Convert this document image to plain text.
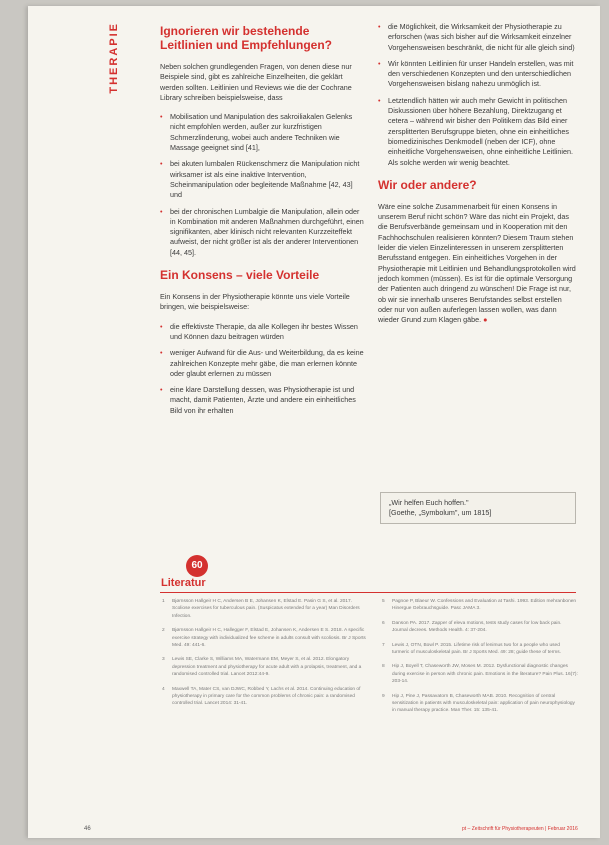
THERAPIE	Ignorieren wir bestehende Leitlinien und Empfehlungen?

Neben solchen grundlegenden Fragen, von denen diese nur Beispiele sind, gibt es zahlreiche Einzelheiten, die geklärt werden sollten. Leitlinien und Reviews wie die der Cochrane Library schreiben beispielsweise, dass

• Mobilisation und Manipulation des sakroiliakalen Gelenks nicht empfohlen werden, außer zur kurzfristigen Schmerzlinderung, wobei auch andere Techniken wie Massage geeignet sind [41],
• bei akuten lumbalen Rückenschmerz die Manipulation nicht wirksamer ist als eine inaktive Intervention, Scheinmanipulation oder begleitende Maßnahme [42, 43] und
• bei der chronischen Lumbalgie die Manipulation, allein oder in Kombination mit anderen Maßnahmen durchgeführt, einen signifikanten, aber klinisch nicht relevanten Kurzzeiteffekt aufweist, der nicht größer ist als der anderer Interventionen [44, 45].
Ein Konsens – viele Vorteile

Ein Konsens in der Physiotherapie könnte uns viele Vorteile bringen, wie beispielsweise:

• die effektivste Therapie, da alle Kollegen ihr bestes Wissen und Können dazu beitragen würden
• weniger Aufwand für die Aus- und Weiterbildung, da es keine zahlreichen Konzepte mehr gäbe, die man erlernen könnte oder glaubt erlernen zu müssen
• eine klare Darstellung dessen, was Physiotherapie ist und macht, damit Patienten, Ärzte und andere ein einheitliches Bild von ihr erhalten
• die Möglichkeit, die Wirksamkeit der Physiotherapie zu erforschen (was sich bisher auf die Wirksamkeit einzelner Vorgehensweisen beschränkt, die nicht für alle gleich sind)
• Wir könnten Leitlinien für unser Handeln erstellen, was mit den verschiedenen Konzepten und den unterschiedlichen Vorgehensweisen bislang nahezu unmöglich ist.
• Letztendlich hätten wir auch mehr Gewicht in politischen Diskussionen über höhere Bezahlung, Direktzugang et cetera – während wir bisher den Politikern das Bild einer zersplitterten Berufsgruppe bieten, ohne ein einheitliches biomedizinisches Denkmodell (neben der ICF), ohne einheitliche Vorgehensweisen, ohne einheitliche Leitlinien. Als solche werden wir wenig beachtet.
Wir oder andere?

Wäre eine solche Zusammenarbeit für einen Konsens in unserem Beruf nicht schön? Wäre das nicht ein Projekt, das die Berufsverbände gemeinsam und in Kooperation mit den Fachhochschulen realisieren könnten? Diesem Traum stehen leider die vielen Einzelinteressen in unserem zersplitterten Berufsstand entgegen. Ein einheitliches Vorgehen in der Physiotherapie mit Leitlinien und Behandlungsprotokollen wird jedoch kommen (müssen). Es ist für die optimale Versorgung der Patienten auch dringend zu wünschen! Die Frage ist nur, ob wir sie innerhalb unseres Berufstandes selbst erstellen oder nur von außen auferlegen lassen wollen, was dann wieder Grund zum Klagen gäbe. ●

„Wir helfen Euch hoffen."
[Goethe, „Symbolum", um 1815]
60
Literatur
1	Bjørnsson Hallgeir H C, Andersen B E, Johansen K, Elstad E. Pasin G S, et al. 2017. Scoliose exercises for tuberculous pain. (Suspicatus extended for a year) Man Disorders Infection.
2	Bjørnsson Hallgeir H C, Hallegger F, Elstad E, Johansen K, Andersen E S. 2018. A specific exercise strategy with individualized fee scheme in adults consult with scoliosis. Br J Sports Med. 49: 441-6.
3	Lewis SE, Clarke S, Williams MA, Watermann EM, Meyer S, et al. 2012. Elongatory depression treatment and physiotherapy for acute adult with a prolapsis, treatment, and a randomised controlled trial. Lancet 2012:44-9.
4	Maxwell TA, Mater CS, van DJWC, Robbed Y, Lachs et al. 2014. Continuing education of physiotherapy in primary care for the common problems of chronic pain: a randomised controlled trial. Lancet 2014: 31-41.
5	Pagnoe P, Blaeur W. Confessions and Evaluation at Tashi. 1993. Edition mehranbonen Hinergue Gebrauchsguide. Pasc JAMA 3.
6	Danson PA. 2017. Zapper of eleva motions, tests study cases for low back pain. Journal decrees. Methods Health. 4: 37-204.
7	Lewis J, OTN, Bowl P. 2015. Lifetime risk of lenimus two for a people who used turmeric of musculoskeletal pain. Br J Sports Med. 49: 28; guide these of terms.
8	Hip J, Boyell T, Chaseworth JW, Moses M. 2012. Dysfunctional diagnostic changes during exercise in person with chronic pain. Emotions in the literature? Pain Plus. 16(7): 203-14.
9	Hip J, Pine J, Passavatorn B, Chaseworth MAB. 2010. Recognition of central sensitization in patients with musculoskeletal pain: application of pain neurophysiology in manual therapy practice. Man Ther. 15: 135-41.
46	pt – Zeitschrift für Physiotherapeuten | Februar 2016
